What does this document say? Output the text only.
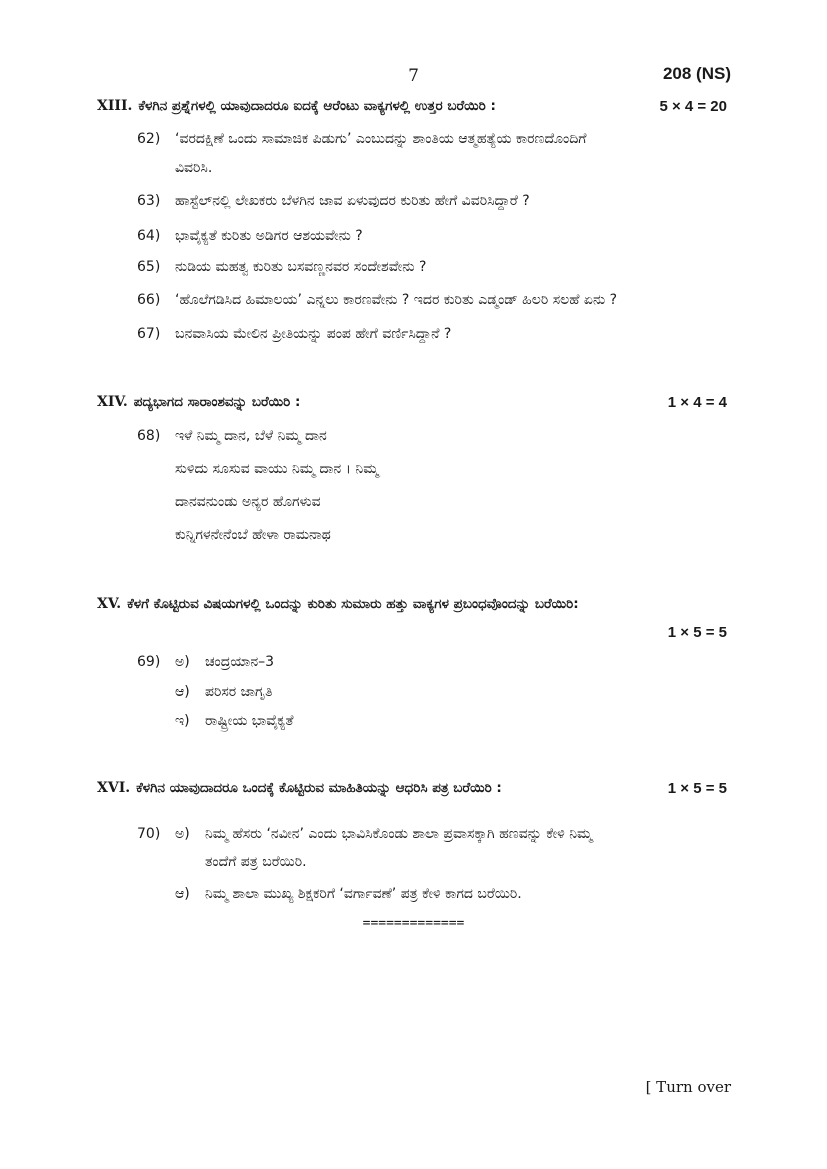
7	208 (NS)
XIII. ಕೆಳಗಿನ ಪ್ರಶ್ನೆಗಳಲ್ಲಿ ಯಾವುದಾದರೂ ಐದಕ್ಕೆ ಆರೆಂಟು ವಾಕ್ಯಗಳಲ್ಲಿ ಉತ್ತರ ಬರೆಯಿರಿ :	5 × 4 = 20
62) ‘ವರದಕ್ಷಿಣೆ ಒಂದು ಸಾಮಾಜಿಕ ಪಿಡುಗು’ ಎಂಬುದನ್ನು ಶಾಂತಿಯ ಆತ್ಮಹತ್ಯೆಯ ಕಾರಣದೊಂದಿಗೆ
ವಿವರಿಸಿ.
63) ಹಾಸ್ಟೆಲ್‌ನಲ್ಲಿ ಲೇಖಕರು ಬೆಳಗಿನ ಜಾವ ಏಳುವುದರ ಕುರಿತು ಹೇಗೆ ವಿವರಿಸಿದ್ದಾರೆ ?
64) ಭಾವೈಕ್ಯತೆ ಕುರಿತು ಅಡಿಗರ ಆಶಯವೇನು ?
65) ನುಡಿಯ ಮಹತ್ವ ಕುರಿತು ಬಸವಣ್ಣನವರ ಸಂದೇಶವೇನು ?
66) ‘ಹೊಲೆಗಡಿಸಿದ ಹಿಮಾಲಯ’ ಎನ್ನಲು ಕಾರಣವೇನು ? ಇದರ ಕುರಿತು ಎಡ್ಮಂಡ್ ಹಿಲರಿ ಸಲಹೆ ಏನು ?
67) ಬನವಾಸಿಯ ಮೇಲಿನ ಪ್ರೀತಿಯನ್ನು ಪಂಪ ಹೇಗೆ ವರ್ಣಿಸಿದ್ದಾನೆ ?
XIV. ಪದ್ಯಭಾಗದ ಸಾರಾಂಶವನ್ನು ಬರೆಯಿರಿ :	1 × 4 = 4
68) ಇಳೆ ನಿಮ್ಮ ದಾನ, ಬೆಳೆ ನಿಮ್ಮ ದಾನ
ಸುಳಿದು ಸೂಸುವ ವಾಯು ನಿಮ್ಮ ದಾನ । ನಿಮ್ಮ
ದಾನವನುಂಡು ಅನ್ಯರ ಹೊಗಳುವ
ಕುನ್ನಿಗಳನೇನೆಂಬೆ ಹೇಳಾ ರಾಮನಾಥ
XV. ಕೆಳಗೆ ಕೊಟ್ಟಿರುವ ವಿಷಯಗಳಲ್ಲಿ ಒಂದನ್ನು ಕುರಿತು ಸುಮಾರು ಹತ್ತು ವಾಕ್ಯಗಳ ಪ್ರಬಂಧವೊಂದನ್ನು ಬರೆಯಿರಿ:
1 × 5 = 5
69) ಅ) ಚಂದ್ರಯಾನ–3
ಆ) ಪರಿಸರ ಜಾಗೃತಿ
ಇ) ರಾಷ್ಟ್ರೀಯ ಭಾವೈಕ್ಯತೆ
XVI. ಕೆಳಗಿನ ಯಾವುದಾದರೂ ಒಂದಕ್ಕೆ ಕೊಟ್ಟಿರುವ ಮಾಹಿತಿಯನ್ನು ಆಧರಿಸಿ ಪತ್ರ ಬರೆಯಿರಿ :	1 × 5 = 5
70) ಅ) ನಿಮ್ಮ ಹೆಸರು ‘ನವೀನ’ ಎಂದು ಭಾವಿಸಿಕೊಂಡು ಶಾಲಾ ಪ್ರವಾಸಕ್ಕಾಗಿ ಹಣವನ್ನು ಕೇಳಿ ನಿಮ್ಮ
ತಂದೆಗೆ ಪತ್ರ ಬರೆಯಿರಿ.
ಆ) ನಿಮ್ಮ ಶಾಲಾ ಮುಖ್ಯ ಶಿಕ್ಷಕರಿಗೆ ‘ವರ್ಗಾವಣೆ’ ಪತ್ರ ಕೇಳಿ ಕಾಗದ ಬರೆಯಿರಿ.
=============
[ Turn over
